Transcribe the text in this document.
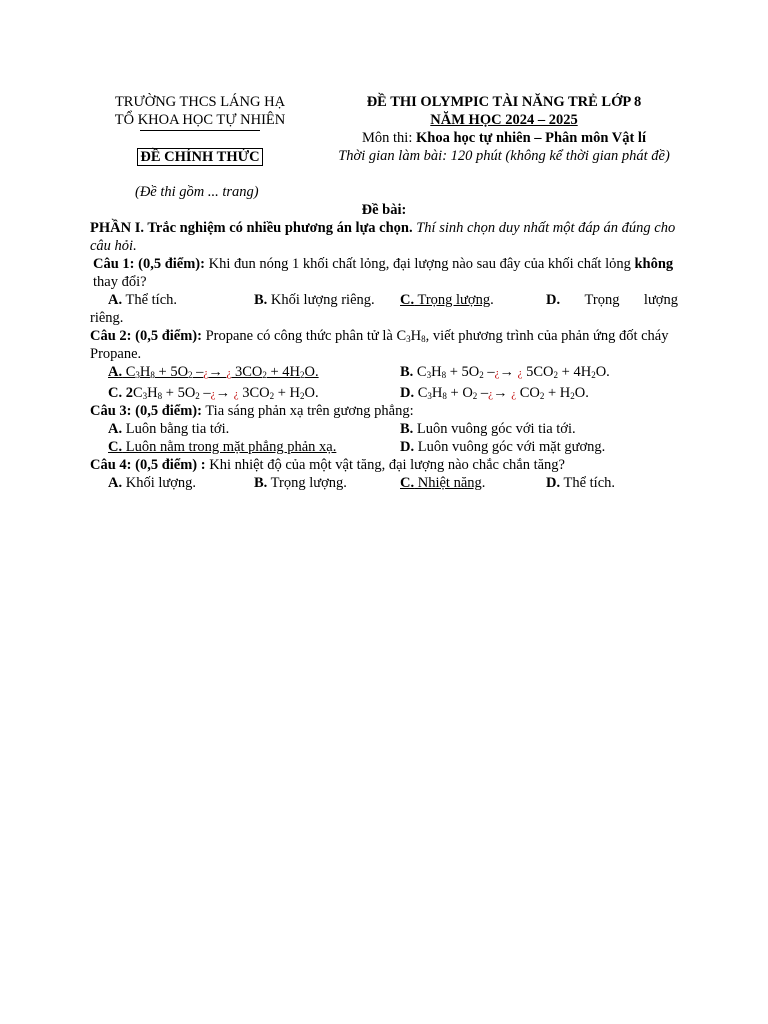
TRƯỜNG THCS LÁNG HẠ
TỔ KHOA HỌC TỰ NHIÊN
ĐỀ CHÍNH THỨC
ĐỀ THI OLYMPIC TÀI NĂNG TRẺ LỚP 8
NĂM HỌC 2024 – 2025
Môn thi: Khoa học tự nhiên – Phân môn Vật lí
Thời gian làm bài: 120 phút (không kể thời gian phát đề)
(Đề thi gồm ... trang)
Đề bài:
PHẦN I. Trắc nghiệm có nhiều phương án lựa chọn. Thí sinh chọn duy nhất một đáp án đúng cho câu hỏi.
Câu 1: (0,5 điểm): Khi đun nóng 1 khối chất lỏng, đại lượng nào sau đây của khối chất lỏng không thay đổi?
A. Thể tích.	B. Khối lượng riêng. C. Trọng lượng.	D. Trọng lượng
riêng.
Câu 2: (0,5 điểm): Propane có công thức phân tử là $C_3H_8$, viết phương trình của phản ứng đốt cháy Propane.
A. $C_3H_8 + 5O_2$ –¿→ ¿ $3CO_2 + 4H_2O$.	B. $C_3H_8 + 5O_2$ –¿→ ¿ $5CO_2 + 4H_2O$.
C. $2C_3H_8 + 5O_2$ –¿→ ¿ $3CO_2 + H_2O$.	D. $C_3H_8 + O_2$ –¿→ ¿ $CO_2 + H_2O$.
Câu 3: (0,5 điểm): Tia sáng phản xạ trên gương phẳng:
A. Luôn bằng tia tới.	B. Luôn vuông góc với tia tới.
C. Luôn nằm trong mặt phẳng phản xạ.	D. Luôn vuông góc với mặt gương.
Câu 4: (0,5 điểm) : Khi nhiệt độ của một vật tăng, đại lượng nào chắc chắn tăng?
A. Khối lượng.	B. Trọng lượng.	C. Nhiệt năng.	D. Thể tích.
